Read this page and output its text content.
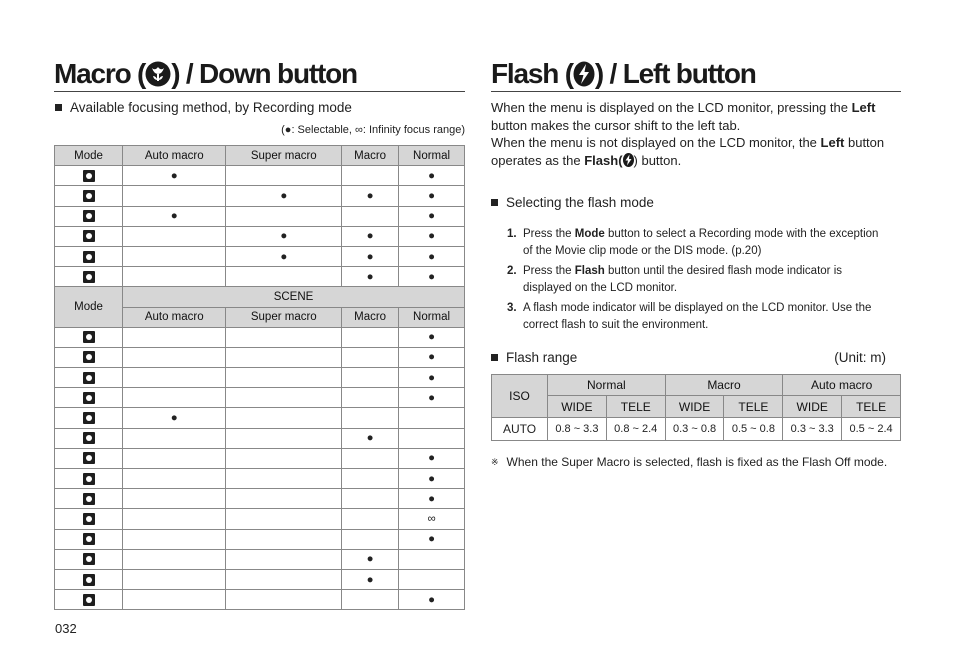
Macro ( ) / Down button
Available focusing method, by Recording mode
(●: Selectable, ∞: Infinity focus range)
Mode	Auto macro	Super macro	Macro	Normal
	●			●
		●	●	●
	●			●
		●	●	●
		●	●	●
			●	●
Mode	SCENE			
	Auto macro	Super macro	Macro	Normal
				●
				●
				●
				●
	●			
			●	
				●
				●
				●
				∞
				●
			●	
			●	
				●
032
Flash ( ) / Left button
When the menu is displayed on the LCD monitor, pressing the Left
button makes the cursor shift to the left tab.
When the menu is not displayed on the LCD monitor, the Left button
operates as the Flash( ) button.
Selecting the flash mode
1. Press the Mode button to select a Recording mode with the exception
of the Movie clip mode or the DIS mode. (p.20)
2. Press the Flash button until the desired flash mode indicator is
displayed on the LCD monitor.
3. A flash mode indicator will be displayed on the LCD monitor. Use the
correct flash to suit the environment.
Flash range	(Unit: m)
ISO	Normal		Macro		Auto macro	
	WIDE	TELE	WIDE	TELE	WIDE	TELE
AUTO	0.8 ~ 3.3	0.8 ~ 2.4	0.3 ~ 0.8	0.5 ~ 0.8	0.3 ~ 3.3	0.5 ~ 2.4
※ When the Super Macro is selected, flash is fixed as the Flash Off mode.
